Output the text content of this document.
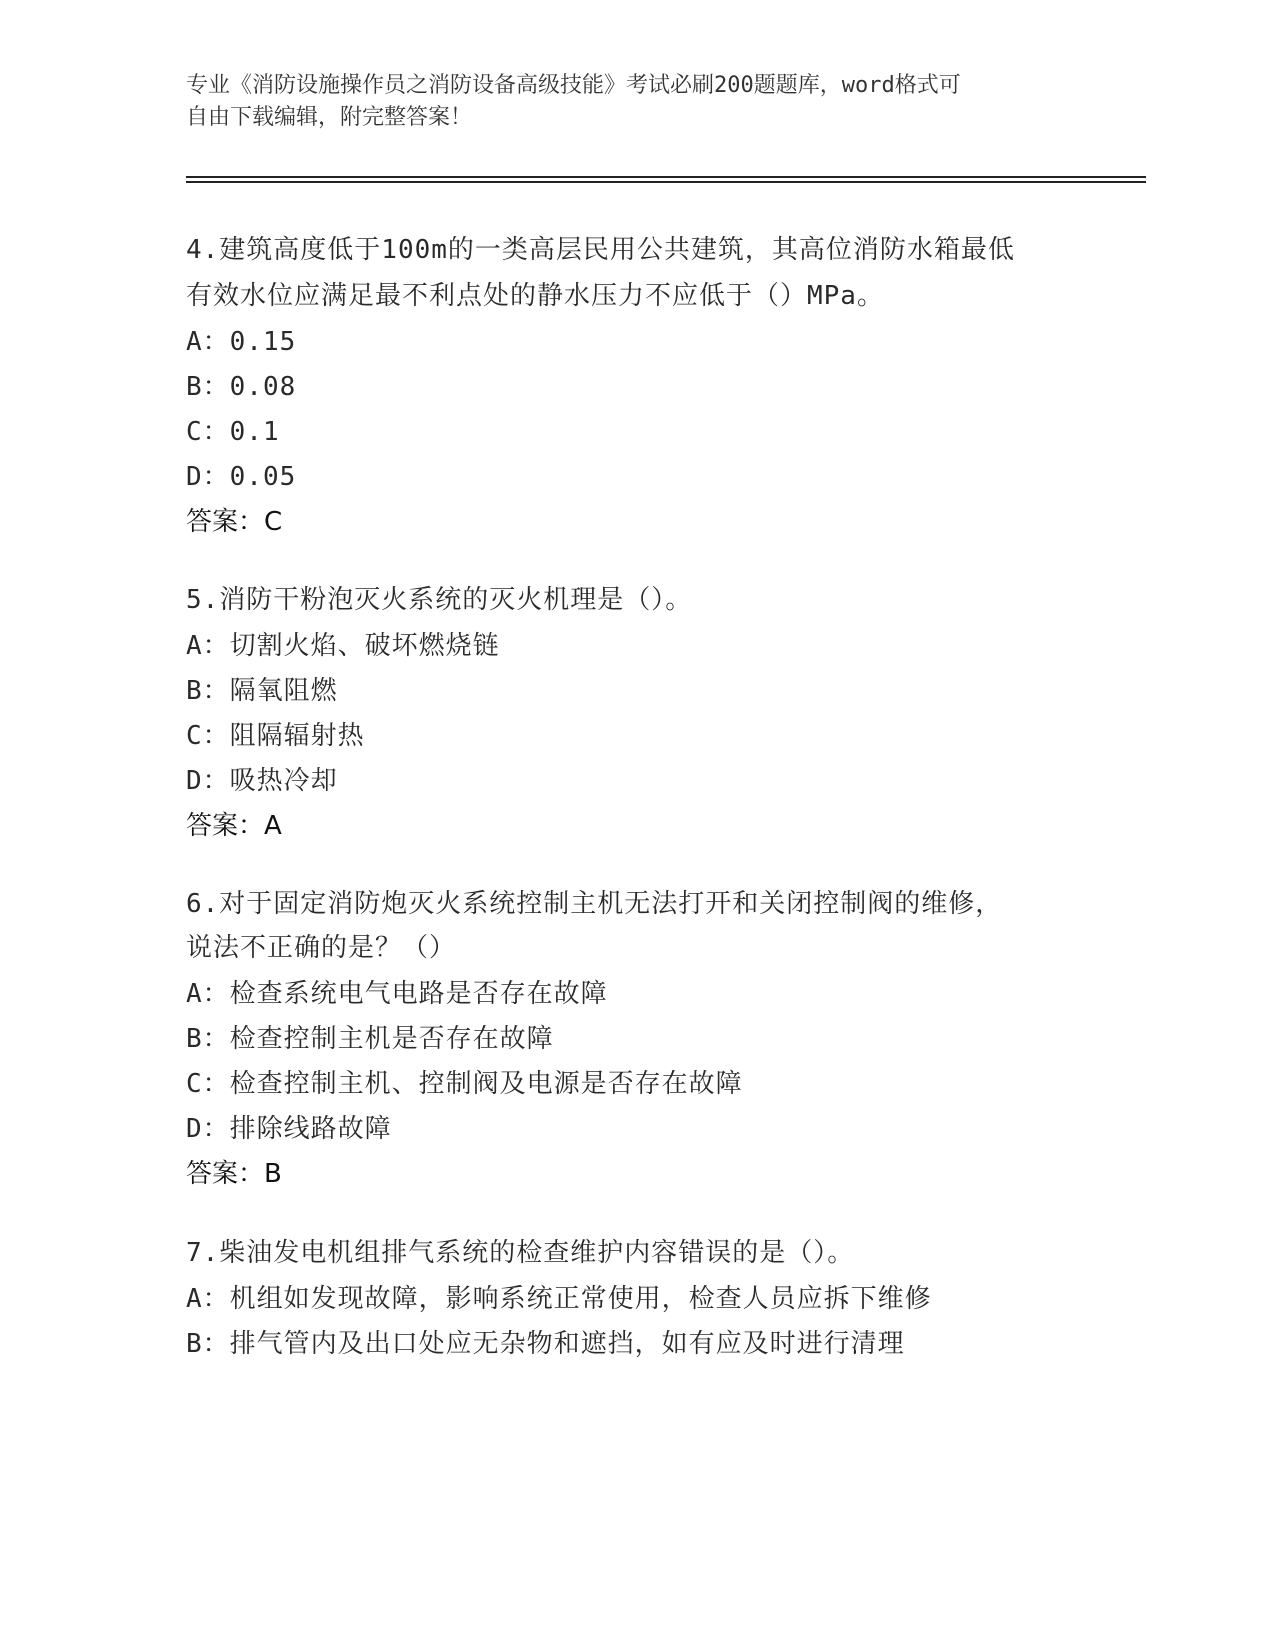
专业《消防设施操作员之消防设备高级技能》考试必刷200题题库，word格式可
自由下载编辑，附完整答案！
4.建筑高度低于100m的一类高层民用公共建筑，其高位消防水箱最低
有效水位应满足最不利点处的静水压力不应低于（）MPa。
A：0.15
B：0.08
C：0.1
D：0.05
答案：C
5.消防干粉泡灭火系统的灭火机理是（）。
A：切割火焰、破坏燃烧链
B：隔氧阻燃
C：阻隔辐射热
D：吸热冷却
答案：A
6.对于固定消防炮灭火系统控制主机无法打开和关闭控制阀的维修，
说法不正确的是？（）
A：检查系统电气电路是否存在故障
B：检查控制主机是否存在故障
C：检查控制主机、控制阀及电源是否存在故障
D：排除线路故障
答案：B
7.柴油发电机组排气系统的检查维护内容错误的是（）。
A：机组如发现故障，影响系统正常使用，检查人员应拆下维修
B：排气管内及出口处应无杂物和遮挡，如有应及时进行清理
